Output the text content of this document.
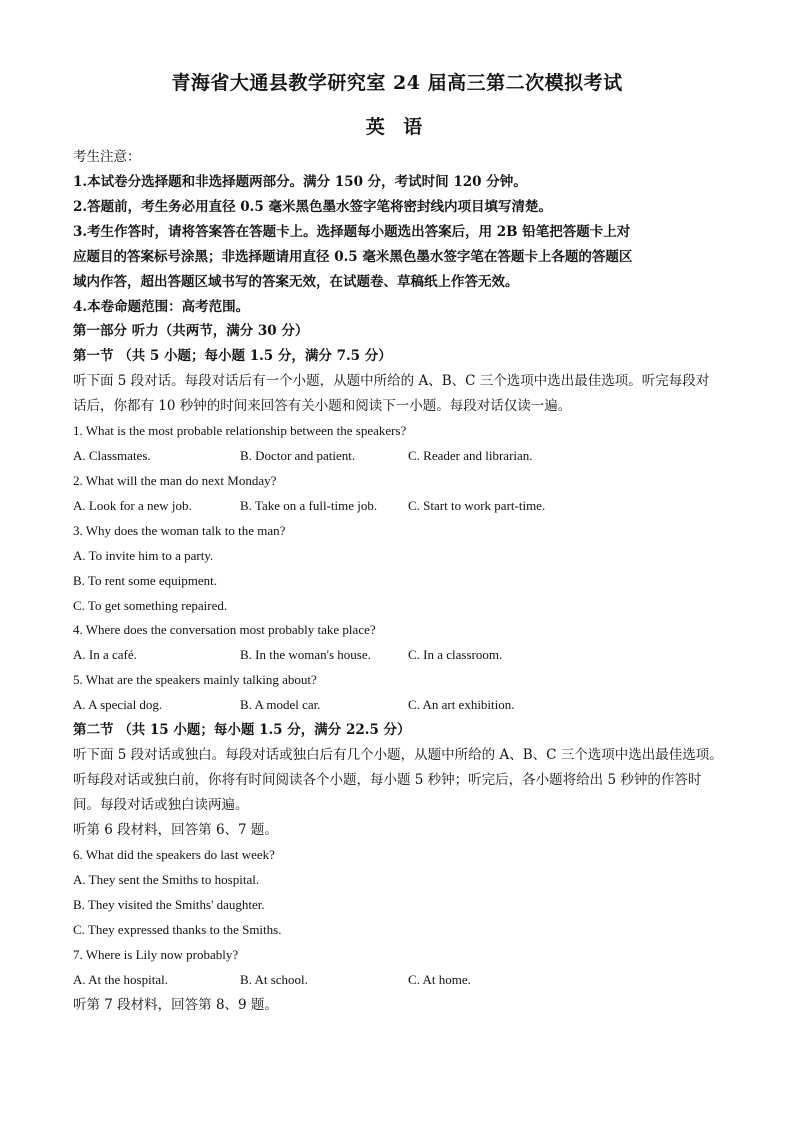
青海省大通县教学研究室 24 届高三第二次模拟考试
英 语
考生注意：
1.本试卷分选择题和非选择题两部分。满分 150 分，考试时间 120 分钟。
2.答题前，考生务必用直径 0.5 毫米黑色墨水签字笔将密封线内项目填写清楚。
3.考生作答时，请将答案答在答题卡上。选择题每小题选出答案后，用 2B 铅笔把答题卡上对
应题目的答案标号涂黑；非选择题请用直径 0.5 毫米黑色墨水签字笔在答题卡上各题的答题区
域内作答，超出答题区域书写的答案无效，在试题卷、草稿纸上作答无效。
4.本卷命题范围：高考范围。
第一部分 听力（共两节，满分 30 分）
第一节 （共 5 小题；每小题 1.5 分，满分 7.5 分）
听下面 5 段对话。每段对话后有一个小题，从题中所给的 A、B、C 三个选项中选出最佳选项。听完每段对
话后，你都有 10 秒钟的时间来回答有关小题和阅读下一小题。每段对话仅读一遍。
1. What is the most probable relationship between the speakers?
A. Classmates.	B. Doctor and patient.	C. Reader and librarian.
2. What will the man do next Monday?
A. Look for a new job.	B. Take on a full-time job. C. Start to work part-time.
3. Why does the woman talk to the man?
A. To invite him to a party.
B. To rent some equipment.
C. To get something repaired.
4. Where does the conversation most probably take place?
A. In a café.	B. In the woman's house.	C. In a classroom.
5. What are the speakers mainly talking about?
A. A special dog.	B. A model car.	C. An art exhibition.
第二节 （共 15 小题；每小题 1.5 分，满分 22.5 分）
听下面 5 段对话或独白。每段对话或独白后有几个小题，从题中所给的 A、B、C 三个选项中选出最佳选项。
听每段对话或独白前，你将有时间阅读各个小题，每小题 5 秒钟；听完后，各小题将给出 5 秒钟的作答时
间。每段对话或独白读两遍。
听第 6 段材料，回答第 6、7 题。
6. What did the speakers do last week?
A. They sent the Smiths to hospital.
B. They visited the Smiths' daughter.
C. They expressed thanks to the Smiths.
7. Where is Lily now probably?
A. At the hospital.	B. At school.	C. At home.
听第 7 段材料，回答第 8、9 题。
